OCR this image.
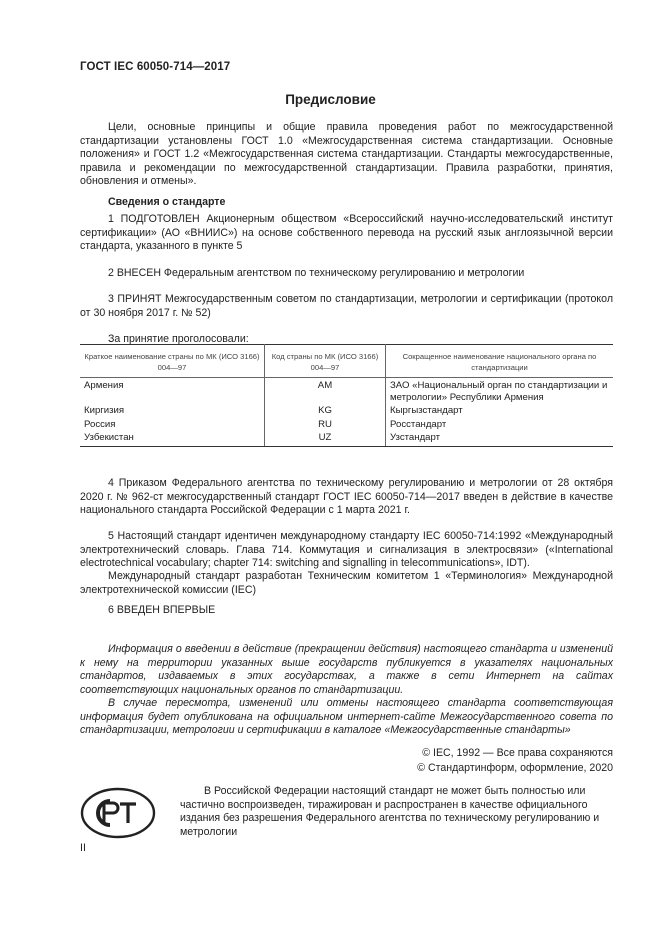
ГОСТ IEC 60050-714—2017
Предисловие

Цели, основные принципы и общие правила проведения работ по межгосударственной стандартизации установлены ГОСТ 1.0 «Межгосударственная система стандартизации. Основные положения» и ГОСТ 1.2 «Межгосударственная система стандартизации. Стандарты межгосударственные, правила и рекомендации по межгосударственной стандартизации. Правила разработки, принятия, обновления и отмены».

Сведения о стандарте

1 ПОДГОТОВЛЕН Акционерным обществом «Всероссийский научно-исследовательский институт сертификации» (АО «ВНИИС») на основе собственного перевода на русский язык англоязычной версии стандарта, указанного в пункте 5

2 ВНЕСЕН Федеральным агентством по техническому регулированию и метрологии

3 ПРИНЯТ Межгосударственным советом по стандартизации, метрологии и сертификации (протокол от 30 ноября 2017 г. № 52)

За принятие проголосовали:
Краткое наименование страны по МК (ИСО 3166) 004—97	Код страны по МК (ИСО 3166) 004—97	Сокращенное наименование национального органа по стандартизации
Армения	AM	ЗАО «Национальный орган по стандартизации и метрологии» Республики Армения
Киргизия	KG	Кыргызстандарт
Россия	RU	Росстандарт
Узбекистан	UZ	Узстандарт

4 Приказом Федерального агентства по техническому регулированию и метрологии от 28 октября 2020 г. № 962-ст межгосударственный стандарт ГОСТ IEC 60050-714—2017 введен в действие в качестве национального стандарта Российской Федерации с 1 марта 2021 г.

5 Настоящий стандарт идентичен международному стандарту IEC 60050-714:1992 «Международный электротехнический словарь. Глава 714. Коммутация и сигнализация в электросвязи» («International electrotechnical vocabulary; chapter 714: switching and signalling in telecommunications», IDT).

Международный стандарт разработан Техническим комитетом 1 «Терминология» Международной электротехнической комиссии (IEC)

6 ВВЕДЕН ВПЕРВЫЕ

Информация о введении в действие (прекращении действия) настоящего стандарта и изменений к нему на территории указанных выше государств публикуется в указателях национальных стандартов, издаваемых в этих государствах, а также в сети Интернет на сайтах соответствующих национальных органов по стандартизации.

В случае пересмотра, изменений или отмены настоящего стандарта соответствующая информация будет опубликована на официальном интернет-сайте Межгосударственного совета по стандартизации, метрологии и сертификации в каталоге «Межгосударственные стандарты»

© IEC, 1992 — Все права сохраняются
© Стандартинформ, оформление, 2020

В Российской Федерации настоящий стандарт не может быть полностью или частично воспроизведен, тиражирован и распространен в качестве официального издания без разрешения Федерального агентства по техническому регулированию и метрологии

II
